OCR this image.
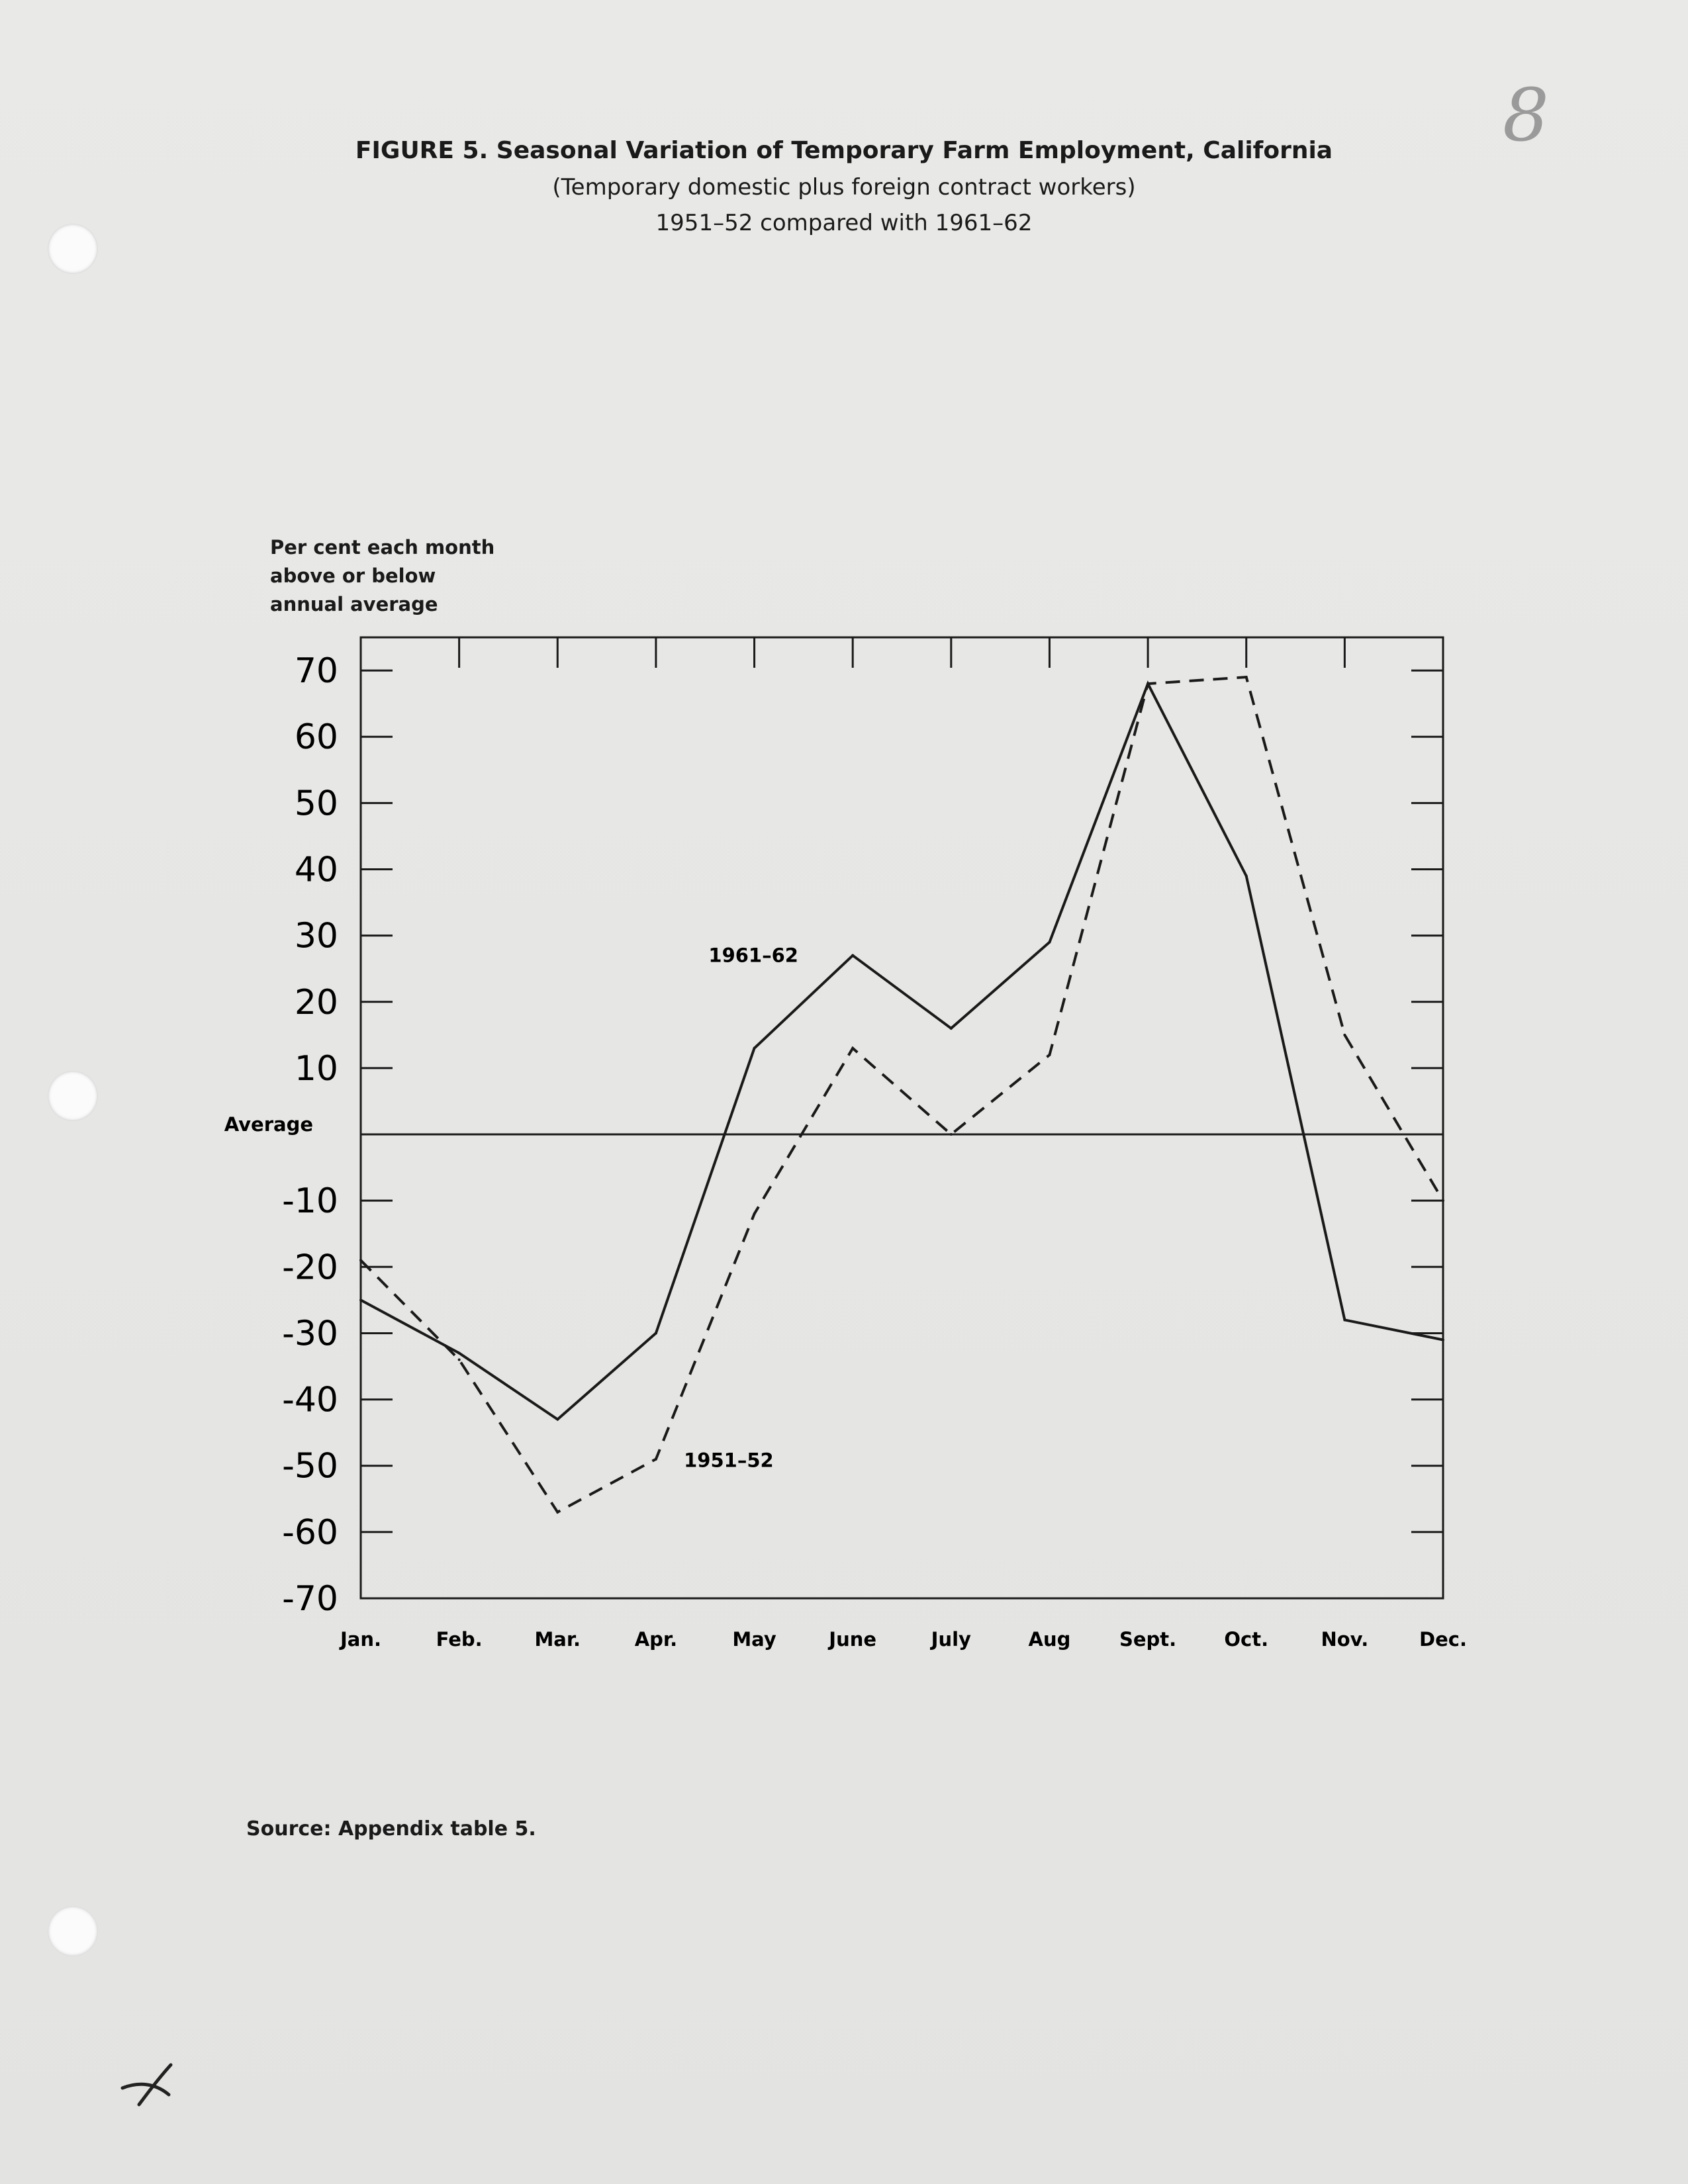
8
FIGURE 5. Seasonal Variation of Temporary Farm Employment, California
(Temporary domestic plus foreign contract workers)
1951–52 compared with 1961–62
Per cent each month
above or below
annual average
Average
70
60
50
40
30
20
10
-10
-20
-30
-40
-50
-60
-70
Jan.	Feb.	Mar.	Apr.	May	June	July	Aug	Sept. Oct.	Nov.	Dec.
1961–62
1951–52
Source: Appendix table 5.
